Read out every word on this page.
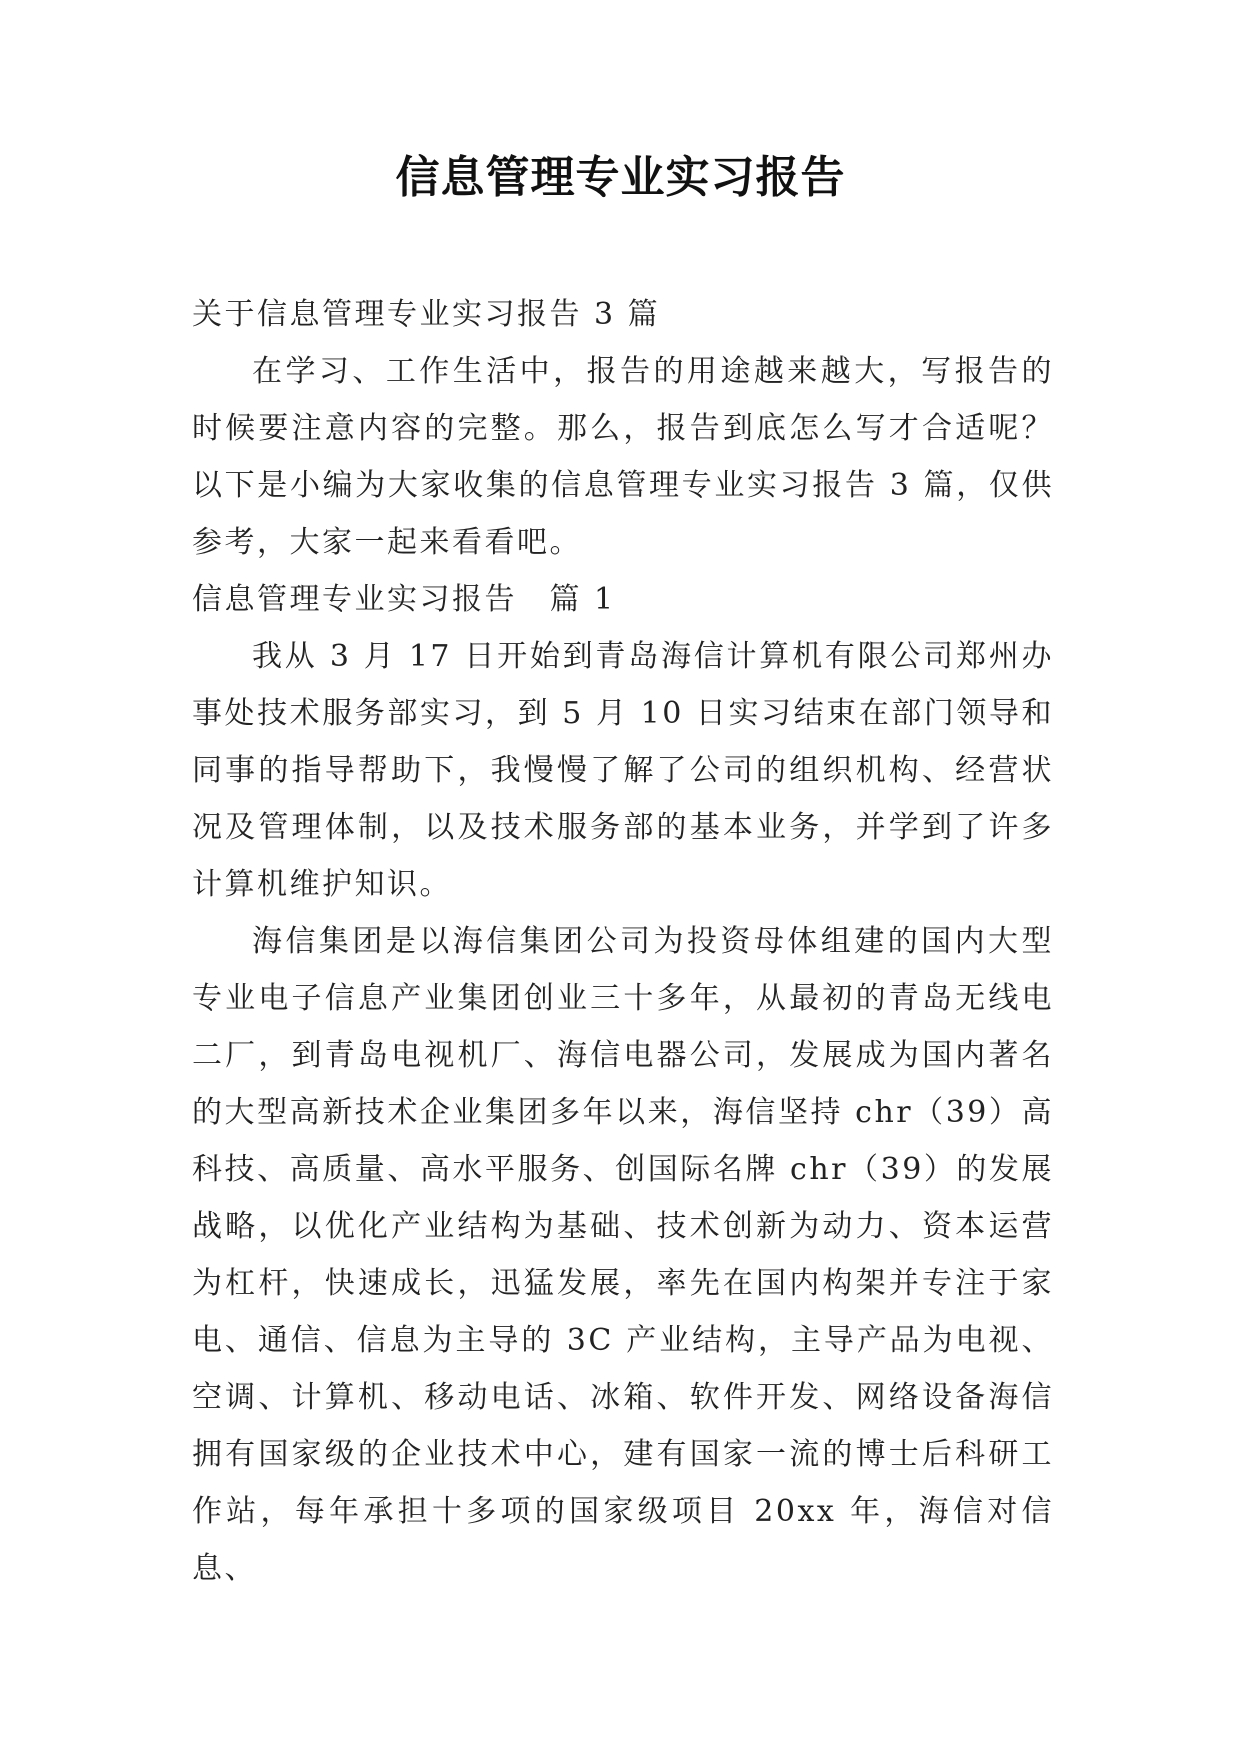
信息管理专业实习报告

关于信息管理专业实习报告 3 篇

在学习、工作生活中，报告的用途越来越大，写报告的时候要注意内容的完整。那么，报告到底怎么写才合适呢？以下是小编为大家收集的信息管理专业实习报告 3 篇，仅供参考，大家一起来看看吧。

信息管理专业实习报告　篇 1

我从 3 月 17 日开始到青岛海信计算机有限公司郑州办事处技术服务部实习，到 5 月 10 日实习结束在部门领导和同事的指导帮助下，我慢慢了解了公司的组织机构、经营状况及管理体制，以及技术服务部的基本业务，并学到了许多计算机维护知识。

海信集团是以海信集团公司为投资母体组建的国内大型专业电子信息产业集团创业三十多年，从最初的青岛无线电二厂，到青岛电视机厂、海信电器公司，发展成为国内著名的大型高新技术企业集团多年以来，海信坚持 chr（39）高科技、高质量、高水平服务、创国际名牌 chr（39）的发展战略，以优化产业结构为基础、技术创新为动力、资本运营为杠杆，快速成长，迅猛发展，率先在国内构架并专注于家电、通信、信息为主导的 3C 产业结构，主导产品为电视、空调、计算机、移动电话、冰箱、软件开发、网络设备海信拥有国家级的企业技术中心，建有国家一流的博士后科研工作站，每年承担十多项的国家级项目 20xx 年，海信对信息、
